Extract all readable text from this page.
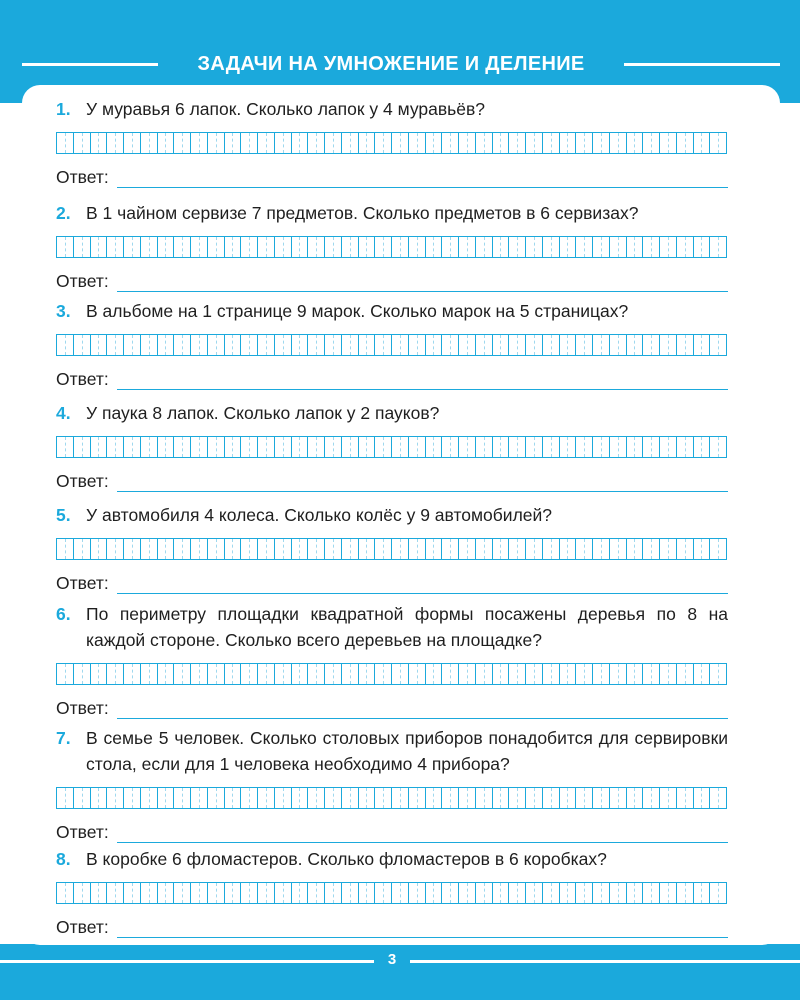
ЗАДАЧИ НА УМНОЖЕНИЕ И ДЕЛЕНИЕ
1. У муравья 6 лапок. Сколько лапок у 4 муравьёв?
Ответ:
2. В 1 чайном сервизе 7 предметов. Сколько предметов в 6 сервизах?
Ответ:
3. В альбоме на 1 странице 9 марок. Сколько марок на 5 страницах?
Ответ:
4. У паука 8 лапок. Сколько лапок у 2 пауков?
Ответ:
5. У автомобиля 4 колеса. Сколько колёс у 9 автомобилей?
Ответ:
6. По периметру площадки квадратной формы посажены деревья по 8 на каждой стороне. Сколько всего деревьев на площадке?
Ответ:
7. В семье 5 человек. Сколько столовых приборов понадобится для сервировки стола, если для 1 человека необходимо 4 прибора?
Ответ:
8. В коробке 6 фломастеров. Сколько фломастеров в 6 коробках?
Ответ:
3
